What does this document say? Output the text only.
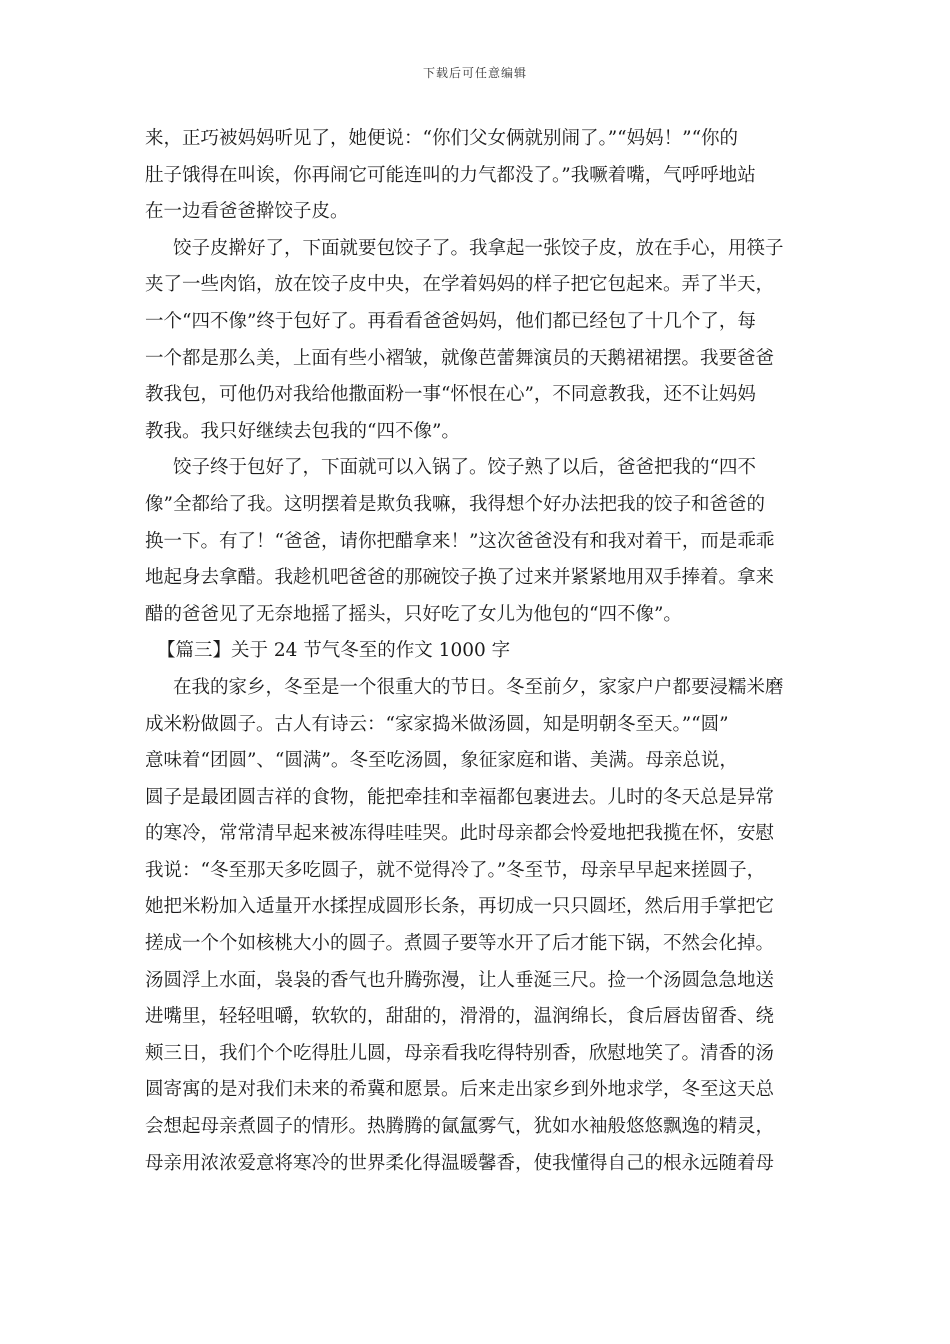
下载后可任意编辑
来，正巧被妈妈听见了，她便说：“你们父女俩就别闹了。”“妈妈！”“你的
肚子饿得在叫诶，你再闹它可能连叫的力气都没了。”我噘着嘴，气呼呼地站
在一边看爸爸擀饺子皮。
饺子皮擀好了，下面就要包饺子了。我拿起一张饺子皮，放在手心，用筷子
夹了一些肉馅，放在饺子皮中央，在学着妈妈的样子把它包起来。弄了半天，
一个“四不像”终于包好了。再看看爸爸妈妈，他们都已经包了十几个了，每
一个都是那么美，上面有些小褶皱，就像芭蕾舞演员的天鹅裙裙摆。我要爸爸
教我包，可他仍对我给他撒面粉一事“怀恨在心”，不同意教我，还不让妈妈
教我。我只好继续去包我的“四不像”。
饺子终于包好了，下面就可以入锅了。饺子熟了以后，爸爸把我的“四不
像”全都给了我。这明摆着是欺负我嘛，我得想个好办法把我的饺子和爸爸的
换一下。有了！“爸爸，请你把醋拿来！”这次爸爸没有和我对着干，而是乖乖
地起身去拿醋。我趁机吧爸爸的那碗饺子换了过来并紧紧地用双手捧着。拿来
醋的爸爸见了无奈地摇了摇头，只好吃了女儿为他包的“四不像”。
【篇三】关于 24 节气冬至的作文 1000 字
在我的家乡，冬至是一个很重大的节日。冬至前夕，家家户户都要浸糯米磨
成米粉做圆子。古人有诗云：“家家捣米做汤圆，知是明朝冬至天。”“圆”
意味着“团圆”、“圆满”。冬至吃汤圆，象征家庭和谐、美满。母亲总说，
圆子是最团圆吉祥的食物，能把牵挂和幸福都包裹进去。儿时的冬天总是异常
的寒冷，常常清早起来被冻得哇哇哭。此时母亲都会怜爱地把我揽在怀，安慰
我说：“冬至那天多吃圆子，就不觉得冷了。”冬至节，母亲早早起来搓圆子，
她把米粉加入适量开水揉捏成圆形长条，再切成一只只圆坯，然后用手掌把它
搓成一个个如核桃大小的圆子。煮圆子要等水开了后才能下锅，不然会化掉。
汤圆浮上水面，袅袅的香气也升腾弥漫，让人垂涎三尺。捡一个汤圆急急地送
进嘴里，轻轻咀嚼，软软的，甜甜的，滑滑的，温润绵长，食后唇齿留香、绕
颊三日，我们个个吃得肚儿圆，母亲看我吃得特别香，欣慰地笑了。清香的汤
圆寄寓的是对我们未来的希冀和愿景。后来走出家乡到外地求学，冬至这天总
会想起母亲煮圆子的情形。热腾腾的氤氲雾气，犹如水袖般悠悠飘逸的精灵，
母亲用浓浓爱意将寒冷的世界柔化得温暖馨香，使我懂得自己的根永远随着母
